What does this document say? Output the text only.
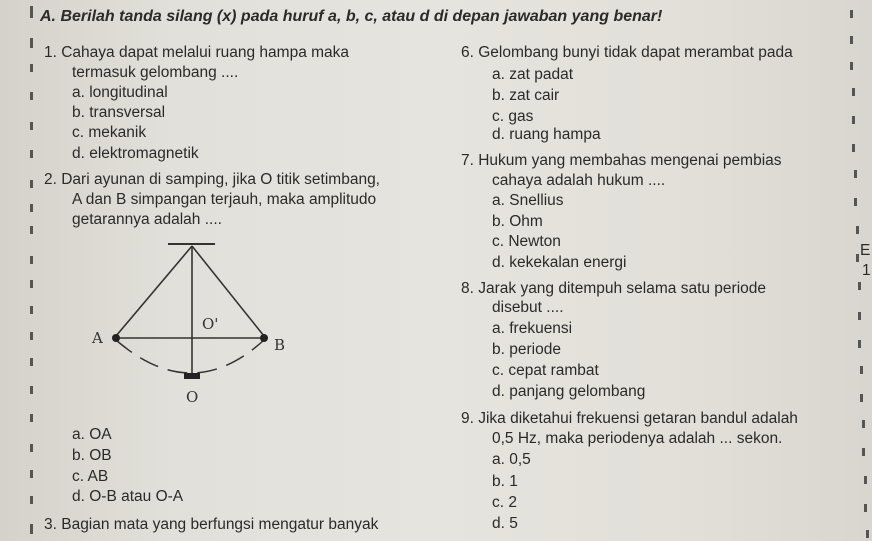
A. Berilah tanda silang (x) pada huruf a, b, c, atau d di depan jawaban yang benar!
1. Cahaya dapat melalui ruang hampa maka
termasuk gelombang ....
a. longitudinal
b. transversal
c. mekanik
d. elektromagnetik
2. Dari ayunan di samping, jika O titik setimbang,
A dan B simpangan terjauh, maka amplitudo
getarannya adalah ....
O'
A	B
O
a. OA
b. OB
c. AB
d. O-B atau O-A
3. Bagian mata yang berfungsi mengatur banyak
6. Gelombang bunyi tidak dapat merambat pada
a. zat padat
b. zat cair
c. gas
d. ruang hampa
7. Hukum yang membahas mengenai pembias
cahaya adalah hukum ....
a. Snellius
b. Ohm
c. Newton
d. kekekalan energi
8. Jarak yang ditempuh selama satu periode
disebut ....
a. frekuensi
b. periode
c. cepat rambat
d. panjang gelombang
9. Jika diketahui frekuensi getaran bandul adalah
0,5 Hz, maka periodenya adalah ... sekon.
a. 0,5
b. 1
c. 2
d. 5
E
1
